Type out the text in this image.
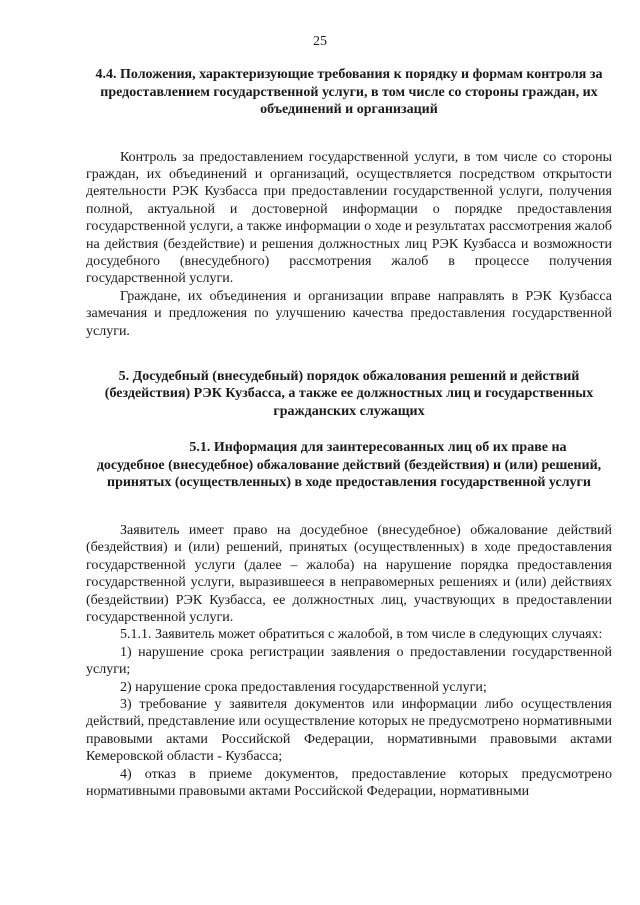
25

4.4. Положения, характеризующие требования к порядку и формам контроля за предоставлением государственной услуги, в том числе со стороны граждан, их объединений и организаций

Контроль за предоставлением государственной услуги, в том числе со стороны граждан, их объединений и организаций, осуществляется посредством открытости деятельности РЭК Кузбасса при предоставлении государственной услуги, получения полной, актуальной и достоверной информации о порядке предоставления государственной услуги, а также информации о ходе и результатах рассмотрения жалоб на действия (бездействие) и решения должностных лиц РЭК Кузбасса и возможности досудебного (внесудебного) рассмотрения жалоб в процессе получения государственной услуги.

Граждане, их объединения и организации вправе направлять в РЭК Кузбасса замечания и предложения по улучшению качества предоставления государственной услуги.

5. Досудебный (внесудебный) порядок обжалования решений и действий (бездействия) РЭК Кузбасса, а также ее должностных лиц и государственных гражданских служащих

5.1. Информация для заинтересованных лиц об их праве на
досудебное (внесудебное) обжалование действий (бездействия) и (или) решений, принятых (осуществленных) в ходе предоставления государственной услуги

Заявитель имеет право на досудебное (внесудебное) обжалование действий (бездействия) и (или) решений, принятых (осуществленных) в ходе предоставления государственной услуги (далее – жалоба) на нарушение порядка предоставления государственной услуги, выразившееся в неправомерных решениях и (или) действиях (бездействии) РЭК Кузбасса, ее должностных лиц, участвующих в предоставлении государственной услуги.

5.1.1. Заявитель может обратиться с жалобой, в том числе в следующих случаях:

1) нарушение срока регистрации заявления о предоставлении государственной услуги;

2) нарушение срока предоставления государственной услуги;

3) требование у заявителя документов или информации либо осуществления действий, представление или осуществление которых не предусмотрено нормативными правовыми актами Российской Федерации, нормативными правовыми актами Кемеровской области - Кузбасса;

4) отказ в приеме документов, предоставление которых предусмотрено нормативными правовыми актами Российской Федерации, нормативными
